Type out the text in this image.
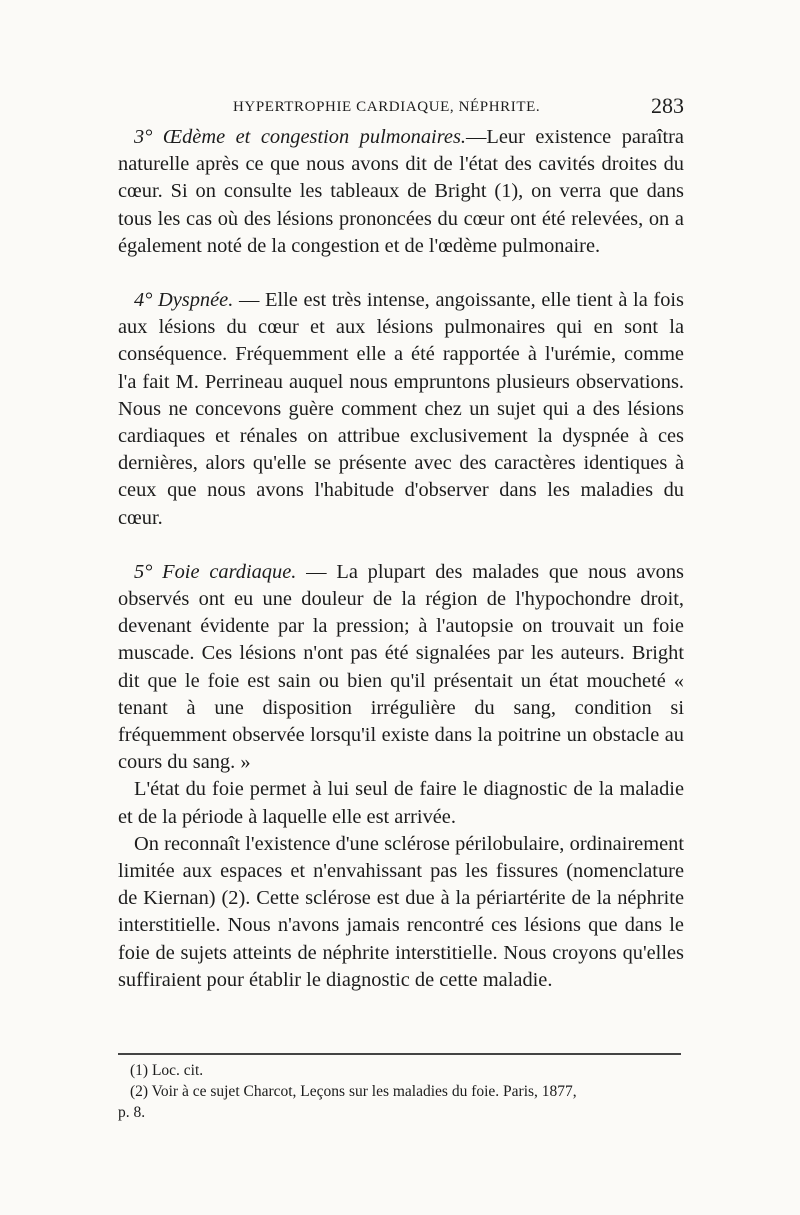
HYPERTROPHIE CARDIAQUE, NÉPHRITE.	283

3° Œdème et congestion pulmonaires.—Leur existence paraîtra naturelle après ce que nous avons dit de l'état des cavités droites du cœur. Si on consulte les tableaux de Bright (1), on verra que dans tous les cas où des lésions prononcées du cœur ont été relevées, on a également noté de la congestion et de l'œdème pulmonaire.

4° Dyspnée. — Elle est très intense, angoissante, elle tient à la fois aux lésions du cœur et aux lésions pulmonaires qui en sont la conséquence. Fréquemment elle a été rapportée à l'urémie, comme l'a fait M. Perrineau auquel nous empruntons plusieurs observations. Nous ne concevons guère comment chez un sujet qui a des lésions cardiaques et rénales on attribue exclusivement la dyspnée à ces dernières, alors qu'elle se présente avec des caractères identiques à ceux que nous avons l'habitude d'observer dans les maladies du cœur.

5° Foie cardiaque. — La plupart des malades que nous avons observés ont eu une douleur de la région de l'hypochondre droit, devenant évidente par la pression; à l'autopsie on trouvait un foie muscade. Ces lésions n'ont pas été signalées par les auteurs. Bright dit que le foie est sain ou bien qu'il présentait un état moucheté « tenant à une disposition irrégulière du sang, condition si fréquemment observée lorsqu'il existe dans la poitrine un obstacle au cours du sang. »

L'état du foie permet à lui seul de faire le diagnostic de la maladie et de la période à laquelle elle est arrivée.

On reconnaît l'existence d'une sclérose périlobulaire, ordinairement limitée aux espaces et n'envahissant pas les fissures (nomenclature de Kiernan) (2). Cette sclérose est due à la périartérite de la néphrite interstitielle. Nous n'avons jamais rencontré ces lésions que dans le foie de sujets atteints de néphrite interstitielle. Nous croyons qu'elles suffiraient pour établir le diagnostic de cette maladie.

(1) Loc. cit.

(2) Voir à ce sujet Charcot, Leçons sur les maladies du foie. Paris, 1877,

p. 8.
